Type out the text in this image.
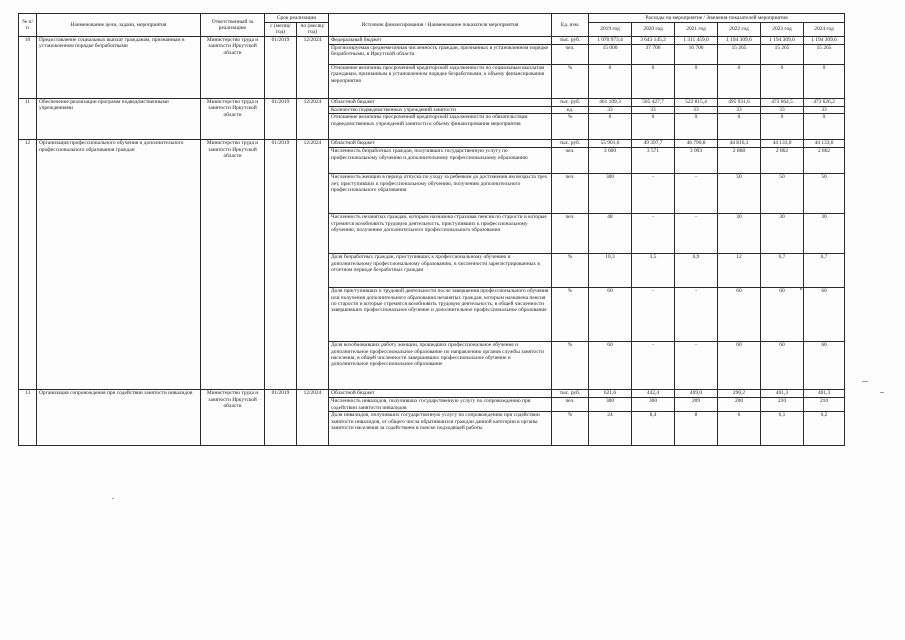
№ п/п	Наименование цели, задачи, мероприятия	Ответственный за реализацию	Срок реализации		Источник финансирования / Наименование показателя мероприятия	Ед. изм.	Расходы на мероприятие / Значения показателей мероприятия					
			с (месяц/год)	по (месяц/год)			2019 год	2020 год	2021 год	2022 год	2023 год	2024 год
10	Предоставление социальных выплат гражданам, признанным в установленном порядке безработными	Министерство труда и занятости Иркутской области	01/2019	12/2024	Федеральный бюджет	тыс. руб.	1 070 973,4	3 643 145,2	1 311 459,0	1 194 309,6	1 194 309,6	1 194 309,6
					Прогнозируемая среднемесячная численность граждан, признанных в установленном порядке безработными, в Иркутской области	чел.	15 000	37 700	16 700	15 265	15 265	15 265
					Отношение величины просроченной кредиторской задолженности по социальным выплатам гражданам, признанным в установленном порядке безработными, к объему финансирования мероприятия	%	0	0	0	0	0	0
11	Обеспечение реализации программ подведомственными учреждениями	Министерство труда и занятости Иркутской области	01/2019	12/2024	Областной бюджет	тыс. руб.	461 109,3	505 427,7	522 815,4	495 931,6	473 664,5	473 626,2
					Количество подведомственных учреждений занятости	ед.	33	33	33	33	33	33
					Отношение величины просроченной кредиторской задолженности по обязательствам подведомственных учреждений занятости к объему финансирования мероприятия	%	0	0	0	0	0	0
12	Организация профессионального обучения и дополнительного профессионального образования граждан	Министерство труда и занятости Иркутской области	01/2019	12/2024	Областной бюджет	тыс. руб.	55 901,6	49 397,7	46 790,8	44 816,3	44 133,0	44 133,0
					Численность безработных граждан, получивших государственную услугу по профессиональному обучению и дополнительному профессиональному образованию	чел.	3 600	3 571	3 093	2 868	2 862	2 862
					Численность женщин в период отпуска по уходу за ребенком до достижения им возраста трех лет, приступивших к профессиональному обучению, получению дополнительного профессионального образования	чел.	300	-	-	50	50	50
					Численность незанятых граждан, которым назначена страховая пенсия по старости и которые стремятся возобновить трудовую деятельность, приступивших к профессиональному обучению, получению дополнительного профессионального образования	чел.	48	-	-	30	30	30
					Доля безработных граждан, приступивших к профессиональному обучению и дополнительному профессиональному образованию, в численности зарегистрированных в отчетном периоде безработных граждан	%	10,3	3,5	6,9	12	6,7	6,7
					Доля приступивших к трудовой деятельности после завершения профессионального обучения или получения дополнительного образования незанятых граждан, которым назначена пенсия по старости и которые стремятся возобновить трудовую деятельность, в общей численности завершивших профессиональное обучение и дополнительное профессиональное образование	%	60	-	-	60	60	60
					Доля возобновивших работу женщин, прошедших профессиональное обучение и дополнительное профессиональное образование по направлению органов службы занятости населения, в общей численности завершивших профессиональное обучение и дополнительное профессиональное образование	%	60	-	-	60	60	60
13	Организация сопровождения при содействии занятости инвалидов	Министерство труда и занятости Иркутской области	01/2019	12/2024	Областной бюджет	тыс. руб.	621,6	442,4	409,0	290,2	401,3	401,3
					Численность инвалидов, получивших государственную услугу по сопровождению при содействии занятости инвалидов	чел.	300	300	209	200	210	210
					Доля инвалидов, получивших государственную услугу по сопровождению при содействии занятости инвалидов, от общего числа обратившихся граждан данной категории в органы занятости населения за содействием в поиске подходящей работы	%	24	8,4	8	6	6,1	6,2
